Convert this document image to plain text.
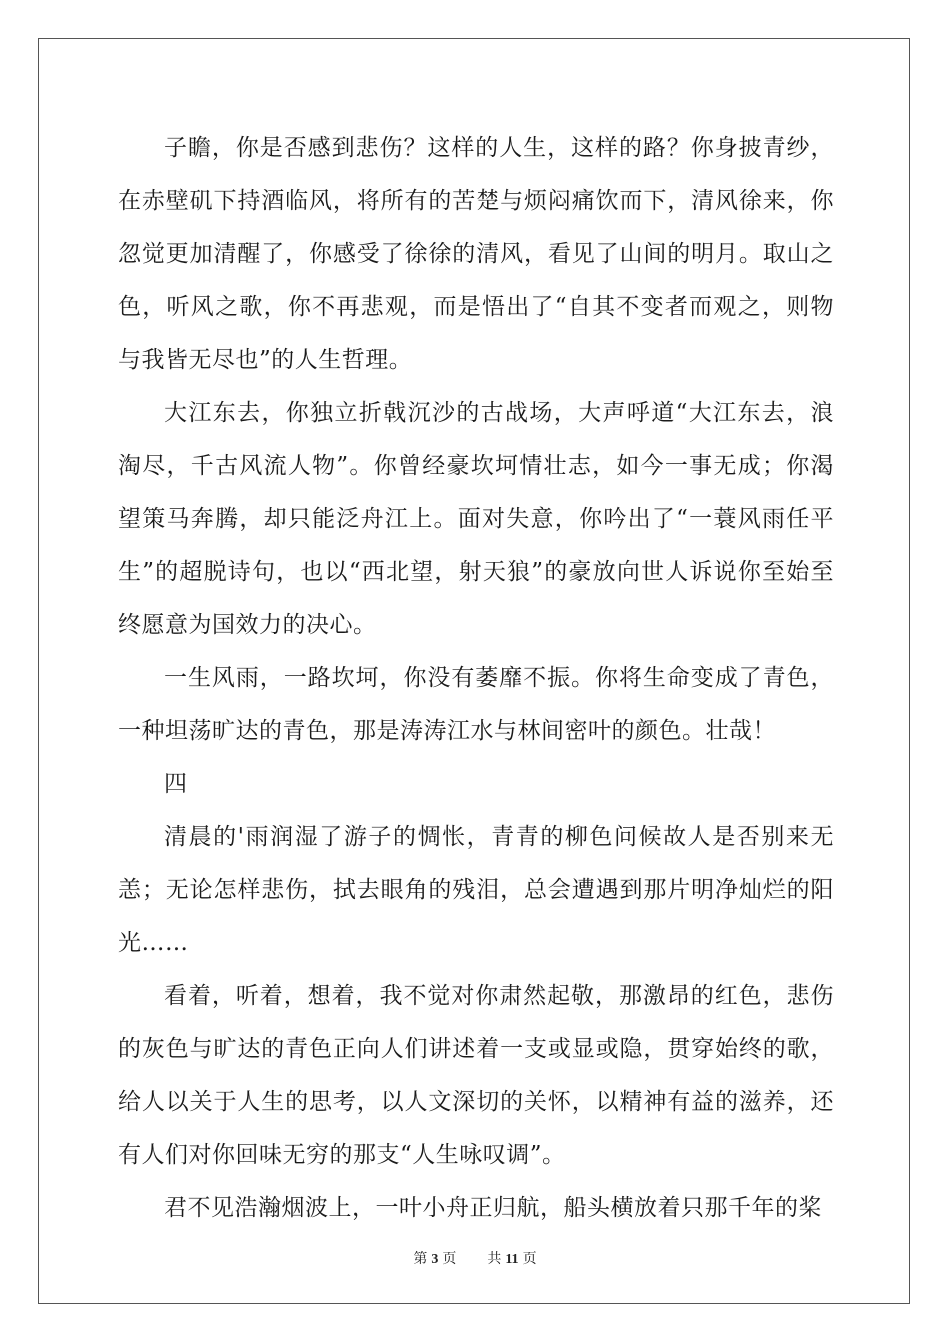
子瞻，你是否感到悲伤？这样的人生，这样的路？你身披青纱，在赤壁矶下持酒临风，将所有的苦楚与烦闷痛饮而下，清风徐来，你忽觉更加清醒了，你感受了徐徐的清风，看见了山间的明月。取山之色，听风之歌，你不再悲观，而是悟出了“自其不变者而观之，则物与我皆无尽也”的人生哲理。

大江东去，你独立折戟沉沙的古战场，大声呼道“大江东去，浪淘尽，千古风流人物”。你曾经豪坎坷情壮志，如今一事无成；你渴望策马奔腾，却只能泛舟江上。面对失意，你吟出了“一蓑风雨任平生”的超脱诗句，也以“西北望，射天狼”的豪放向世人诉说你至始至终愿意为国效力的决心。

一生风雨，一路坎坷，你没有萎靡不振。你将生命变成了青色，一种坦荡旷达的青色，那是涛涛江水与林间密叶的颜色。壮哉！

四

清晨的'雨润湿了游子的惆怅，青青的柳色问候故人是否别来无恙；无论怎样悲伤，拭去眼角的残泪，总会遭遇到那片明净灿烂的阳光……

看着，听着，想着，我不觉对你肃然起敬，那激昂的红色，悲伤的灰色与旷达的青色正向人们讲述着一支或显或隐，贯穿始终的歌，给人以关于人生的思考，以人文深切的关怀，以精神有益的滋养，还有人们对你回味无穷的那支“人生咏叹调”。

君不见浩瀚烟波上，一叶小舟正归航，船头横放着只那千年的桨

第 3 页 共 11 页
